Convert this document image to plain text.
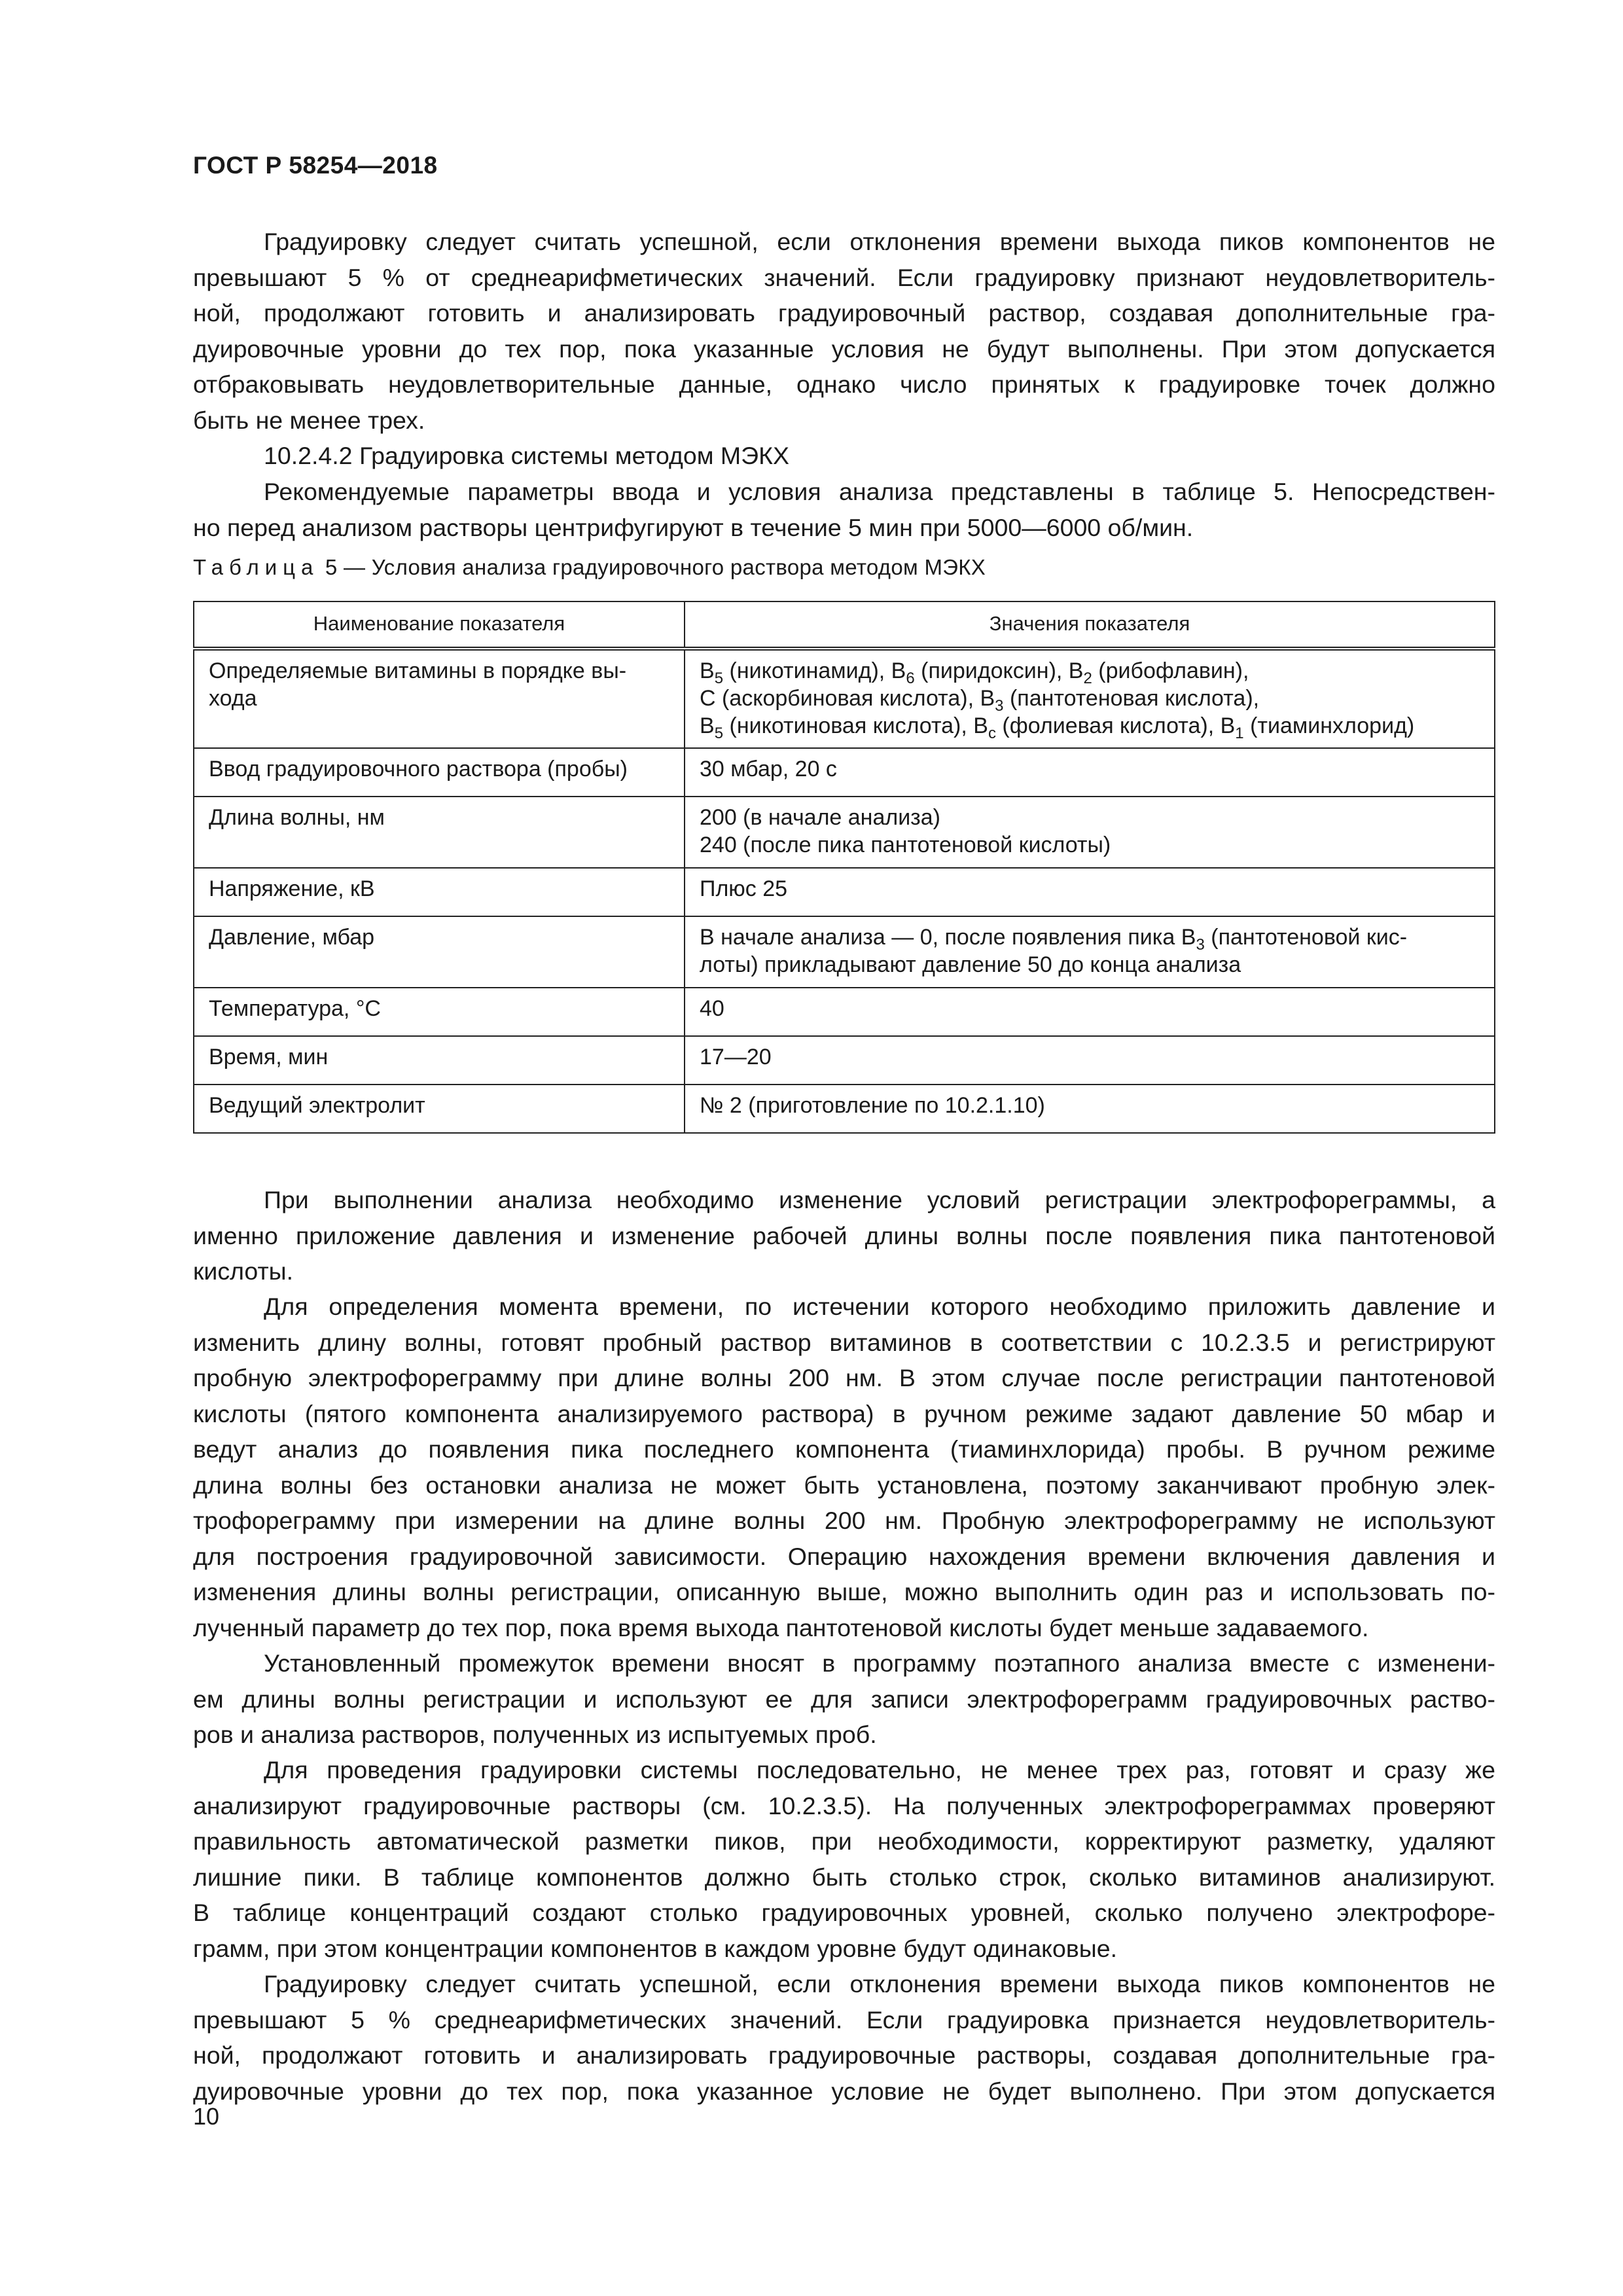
ГОСТ Р 58254—2018
Градуировку следует считать успешной, если отклонения времени выхода пиков компонентов не
превышают 5 % от среднеарифметических значений. Если градуировку признают неудовлетворитель-
ной, продолжают готовить и анализировать градуировочный раствор, создавая дополнительные гра-
дуировочные уровни до тех пор, пока указанные условия не будут выполнены. При этом допускается
отбраковывать неудовлетворительные данные, однако число принятых к градуировке точек должно
быть не менее трех.
10.2.4.2 Градуировка системы методом МЭКХ
Рекомендуемые параметры ввода и условия анализа представлены в таблице 5. Непосредствен-
но перед анализом растворы центрифугируют в течение 5 мин при 5000—6000 об/мин.
Таблица 5 — Условия анализа градуировочного раствора методом МЭКХ
Наименование показателя	Значения показателя

Определяемые витамины в порядке вы-
хода	$B_5$ (никотинамид), $B_6$ (пиридоксин), $B_2$ (рибофлавин),
C (аскорбиновая кислота), $B_3$ (пантотеновая кислота),
$B_5$ (никотиновая кислота), $B_c$ (фолиевая кислота), $B_1$ (тиаминхлорид)

Ввод градуировочного раствора (пробы)	30 мбар, 20 с

Длина волны, нм	200 (в начале анализа)
240 (после пика пантотеновой кислоты)

Напряжение, кВ	Плюс 25

Давление, мбар	В начале анализа — 0, после появления пика $B_3$ (пантотеновой кис-
лоты) прикладывают давление 50 до конца анализа

Температура, °С	40

Время, мин	17—20

Ведущий электролит	№ 2 (приготовление по 10.2.1.10)
При выполнении анализа необходимо изменение условий регистрации электрофореграммы, а
именно приложение давления и изменение рабочей длины волны после появления пика пантотеновой
кислоты.
Для определения момента времени, по истечении которого необходимо приложить давление и
изменить длину волны, готовят пробный раствор витаминов в соответствии с 10.2.3.5 и регистрируют
пробную электрофореграмму при длине волны 200 нм. В этом случае после регистрации пантотеновой
кислоты (пятого компонента анализируемого раствора) в ручном режиме задают давление 50 мбар и
ведут анализ до появления пика последнего компонента (тиаминхлорида) пробы. В ручном режиме
длина волны без остановки анализа не может быть установлена, поэтому заканчивают пробную элек-
трофореграмму при измерении на длине волны 200 нм. Пробную электрофореграмму не используют
для построения градуировочной зависимости. Операцию нахождения времени включения давления и
изменения длины волны регистрации, описанную выше, можно выполнить один раз и использовать по-
лученный параметр до тех пор, пока время выхода пантотеновой кислоты будет меньше задаваемого.
Установленный промежуток времени вносят в программу поэтапного анализа вместе с изменени-
ем длины волны регистрации и используют ее для записи электрофореграмм градуировочных раство-
ров и анализа растворов, полученных из испытуемых проб.
Для проведения градуировки системы последовательно, не менее трех раз, готовят и сразу же
анализируют градуировочные растворы (см. 10.2.3.5). На полученных электрофореграммах проверяют
правильность автоматической разметки пиков, при необходимости, корректируют разметку, удаляют
лишние пики. В таблице компонентов должно быть столько строк, сколько витаминов анализируют.
В таблице концентраций создают столько градуировочных уровней, сколько получено электрофоре-
грамм, при этом концентрации компонентов в каждом уровне будут одинаковые.
Градуировку следует считать успешной, если отклонения времени выхода пиков компонентов не
превышают 5 % среднеарифметических значений. Если градуировка признается неудовлетворитель-
ной, продолжают готовить и анализировать градуировочные растворы, создавая дополнительные гра-
дуировочные уровни до тех пор, пока указанное условие не будет выполнено. При этом допускается
10
